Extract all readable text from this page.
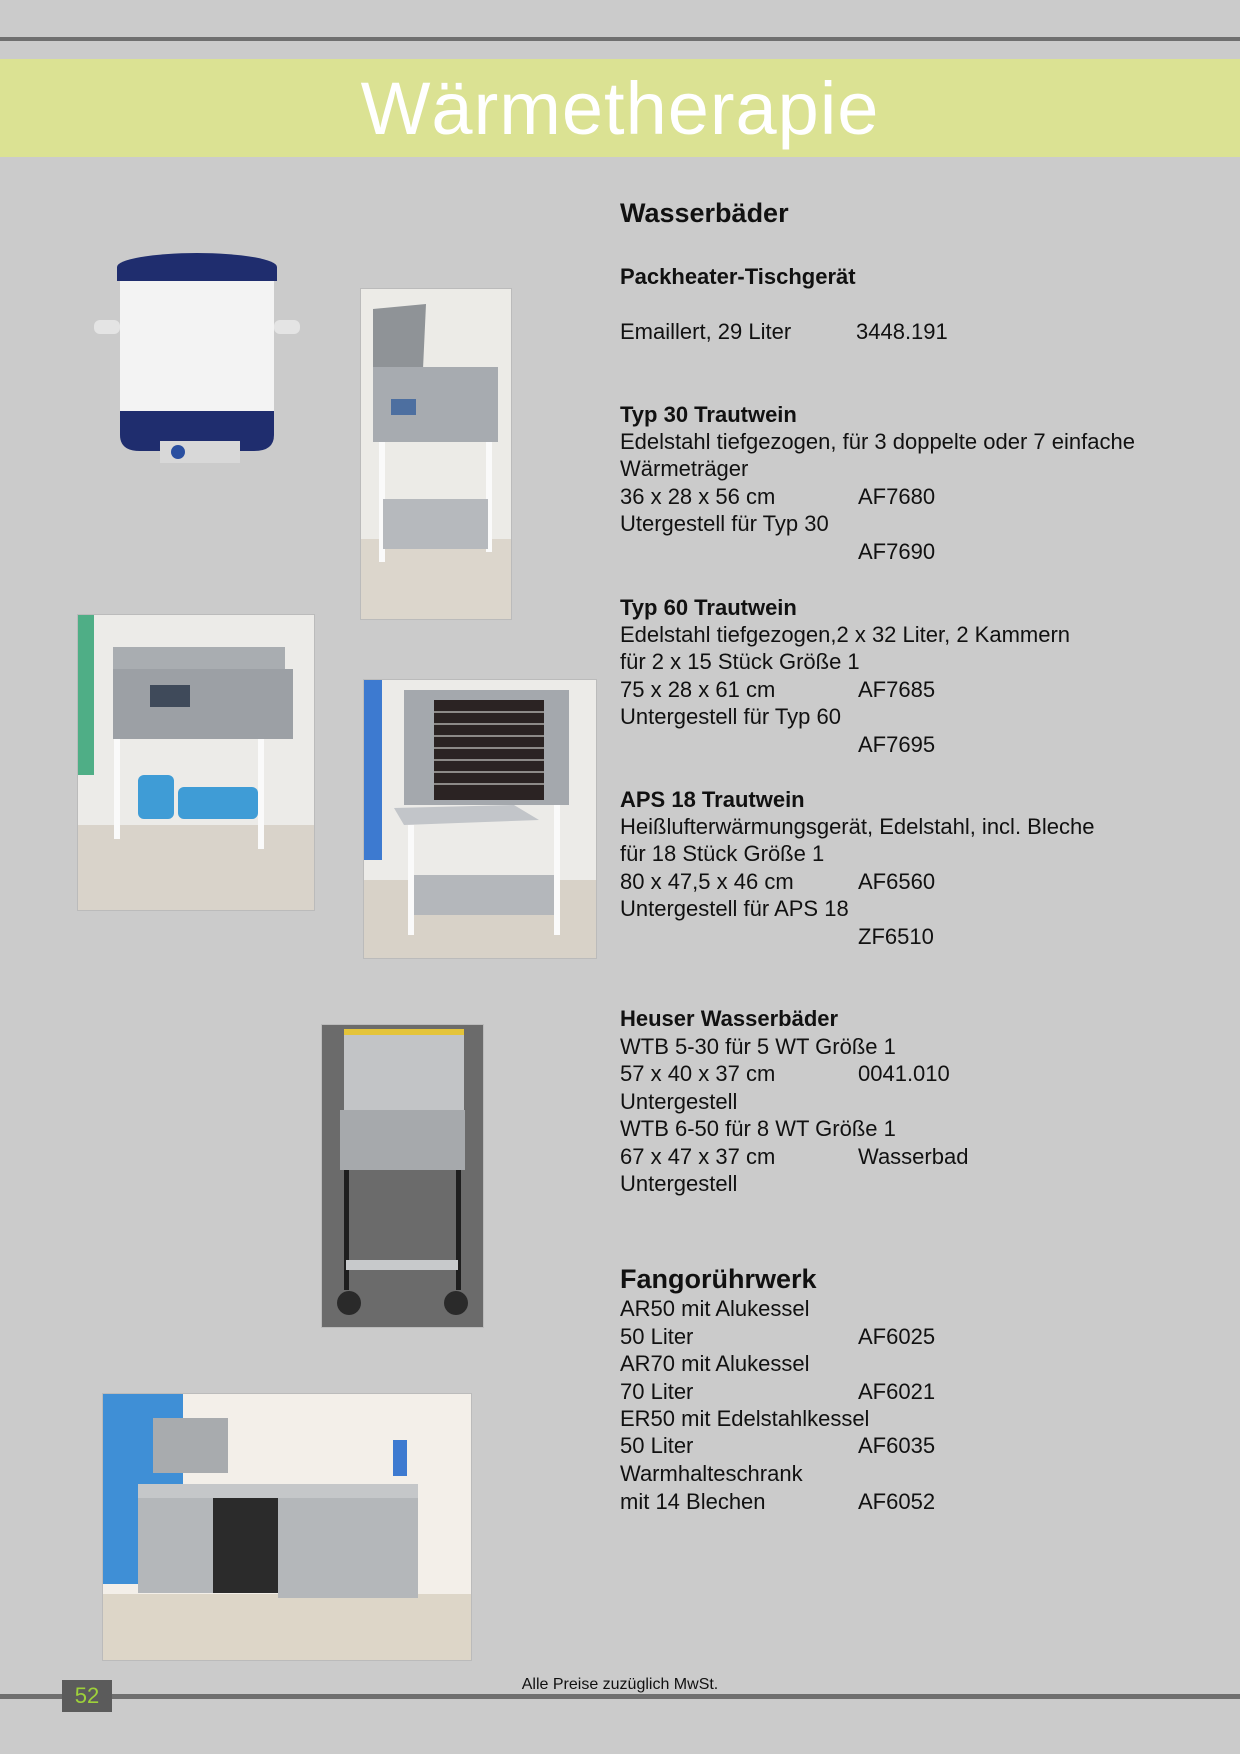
Wärmetherapie
Wasserbäder
Packheater-Tischgerät
Emaillert, 29 Liter	3448.191
Typ 30 Trautwein
Edelstahl tiefgezogen, für 3 doppelte oder 7 einfache
Wärmeträger
36 x 28 x 56 cm	AF7680
Utergestell für Typ 30
AF7690
Typ 60 Trautwein
Edelstahl tiefgezogen,2 x 32 Liter, 2 Kammern
für 2 x 15 Stück Größe 1
75 x 28 x 61 cm	AF7685
Untergestell für Typ 60
AF7695
APS 18 Trautwein
Heißlufterwärmungsgerät, Edelstahl, incl. Bleche
für 18 Stück Größe 1
80 x 47,5 x 46 cm	AF6560
Untergestell für APS 18
ZF6510
Heuser Wasserbäder
WTB 5-30 für 5 WT Größe 1
57 x 40 x 37 cm	0041.010
Untergestell
WTB 6-50 für 8 WT Größe 1
67 x 47 x 37 cm	Wasserbad
Untergestell
Fangorührwerk
AR50 mit Alukessel
50 Liter	AF6025
AR70 mit Alukessel
70 Liter	AF6021
ER50 mit Edelstahlkessel
50 Liter	AF6035
Warmhalteschrank
mit 14 Blechen	AF6052
Alle Preise zuzüglich MwSt.
52
